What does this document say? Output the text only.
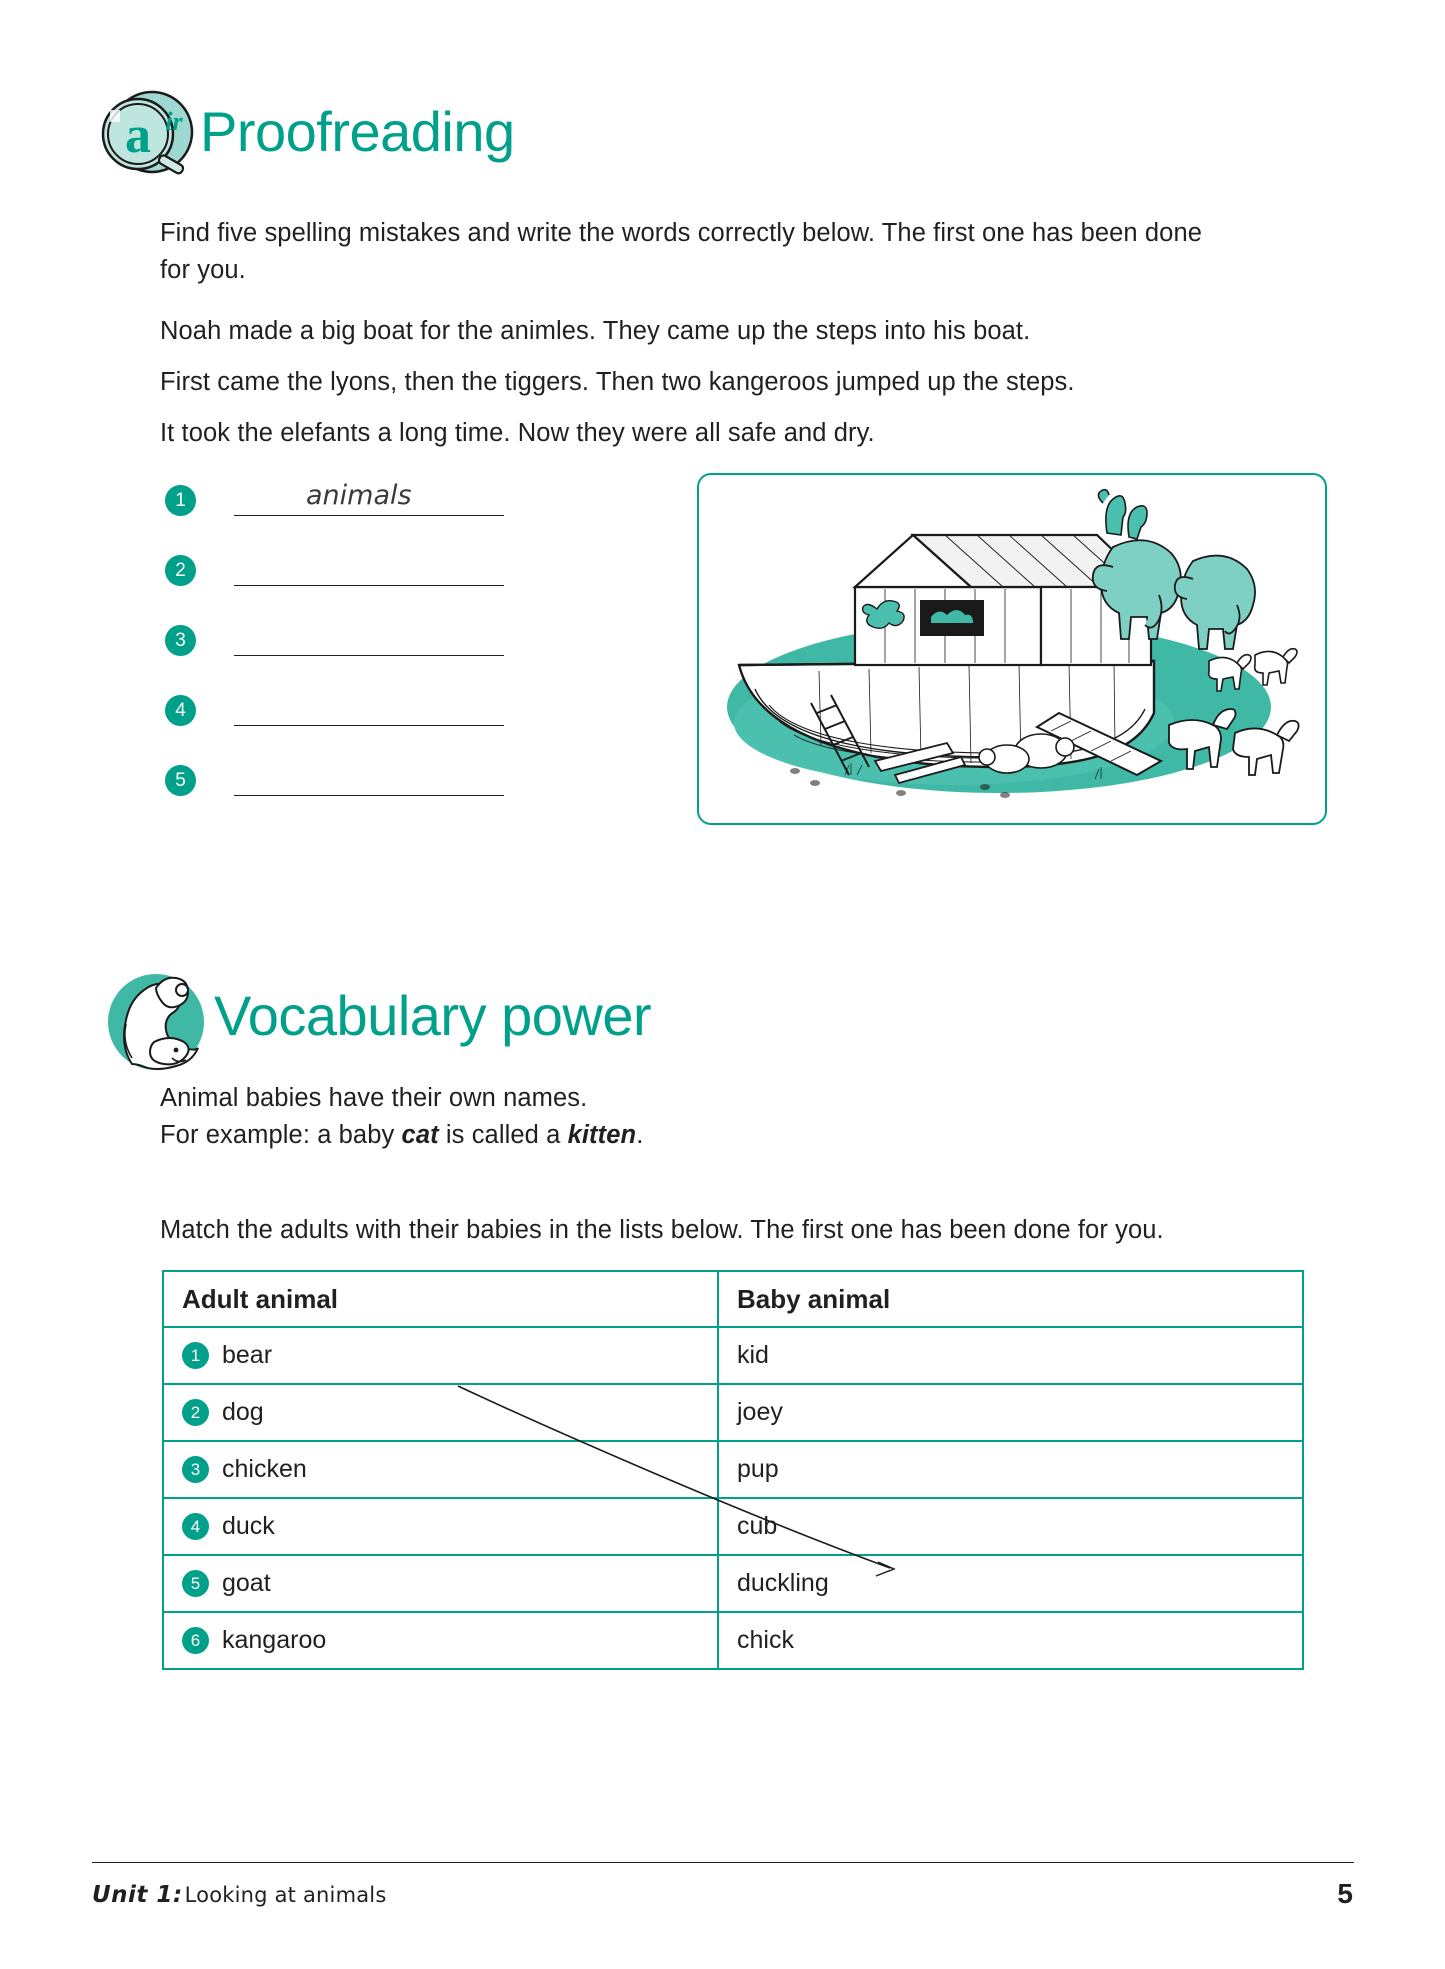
a ir Proofreading
Find five spelling mistakes and write the words correctly below. The first one has been done for you.
Noah made a big boat for the animles. They came up the steps into his boat.
First came the lyons, then the tiggers. Then two kangeroos jumped up the steps.
It took the elefants a long time. Now they were all safe and dry.
1	animals
2
3
4
5
Vocabulary power
Animal babies have their own names.
For example: a baby cat is called a kitten.
Match the adults with their babies in the lists below. The first one has been done for you.
Adult animal	Baby animal

1 bear	kid

2 dog	joey

3 chicken	pup

4 duck	cub

5 goat	duckling

6 kangaroo	chick
Unit 1: Looking at animals	5
